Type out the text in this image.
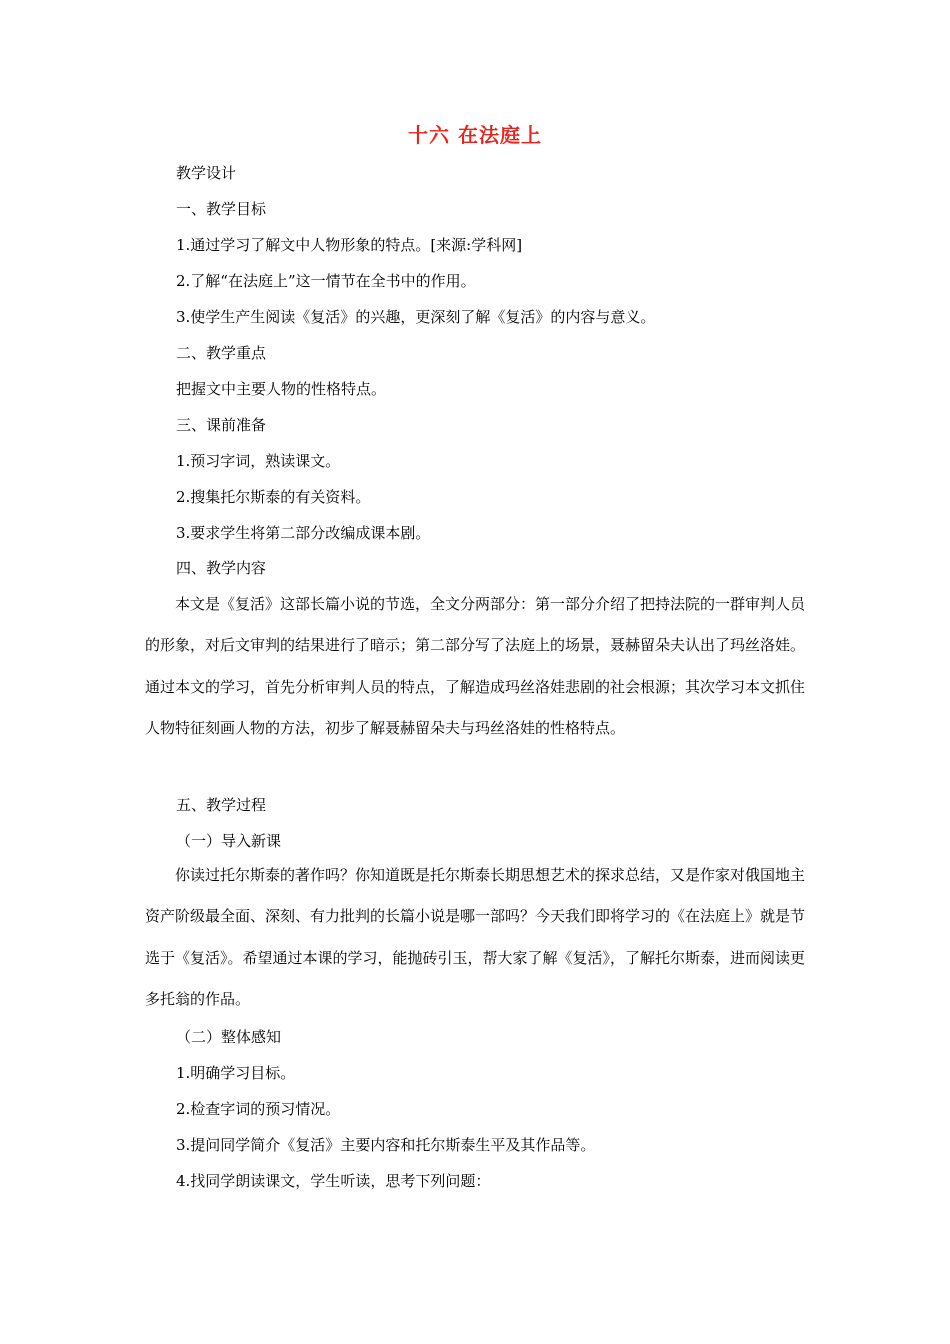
十六 在法庭上
教学设计
一、教学目标
1.通过学习了解文中人物形象的特点。[来源:学科网]
2.了解“在法庭上”这一情节在全书中的作用。
3.使学生产生阅读《复活》的兴趣，更深刻了解《复活》的内容与意义。
二、教学重点
把握文中主要人物的性格特点。
三、课前准备
1.预习字词，熟读课文。
2.搜集托尔斯泰的有关资料。
3.要求学生将第二部分改编成课本剧。
四、教学内容

本文是《复活》这部长篇小说的节选，全文分两部分：第一部分介绍了把持法院的一群审判人员的形象，对后文审判的结果进行了暗示；第二部分写了法庭上的场景，聂赫留朵夫认出了玛丝洛娃。通过本文的学习，首先分析审判人员的特点，了解造成玛丝洛娃悲剧的社会根源；其次学习本文抓住人物特征刻画人物的方法，初步了解聂赫留朵夫与玛丝洛娃的性格特点。

五、教学过程
（一）导入新课

你读过托尔斯泰的著作吗？你知道既是托尔斯泰长期思想艺术的探求总结，又是作家对俄国地主资产阶级最全面、深刻、有力批判的长篇小说是哪一部吗？今天我们即将学习的《在法庭上》就是节选于《复活》。希望通过本课的学习，能抛砖引玉，帮大家了解《复活》，了解托尔斯泰，进而阅读更多托翁的作品。

（二）整体感知
1.明确学习目标。
2.检查字词的预习情况。
3.提问同学简介《复活》主要内容和托尔斯泰生平及其作品等。
4.找同学朗读课文，学生听读，思考下列问题：
